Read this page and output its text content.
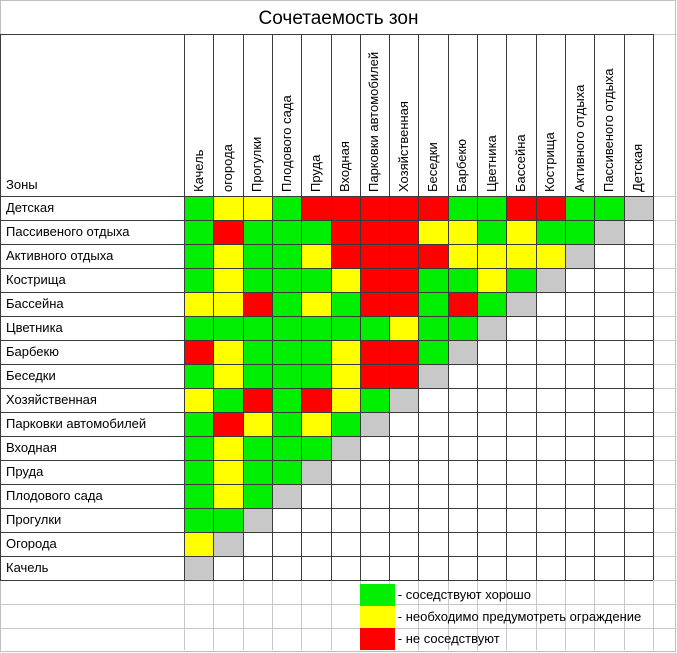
Сочетаемость зон
Зоны
Детская
Пассивеного отдыха
Активного отдыха
Кострища
Бассейна
Цветника
Барбекю
Беседки
Хозяйственная
Парковки автомобилей
Входная
Пруда
Плодового сада
Прогулки
Огорода
Качель
Качель огорода Прогулки Плодового сада Пруда Входная Парковки автомобилей Хозяйственная Беседки Барбекю Цветника Бассейна Кострища Активного отдыха Пассивеного отдыха Детская
- соседствуют хорошо
- необходимо предумотреть ограждение
- не соседствуют
